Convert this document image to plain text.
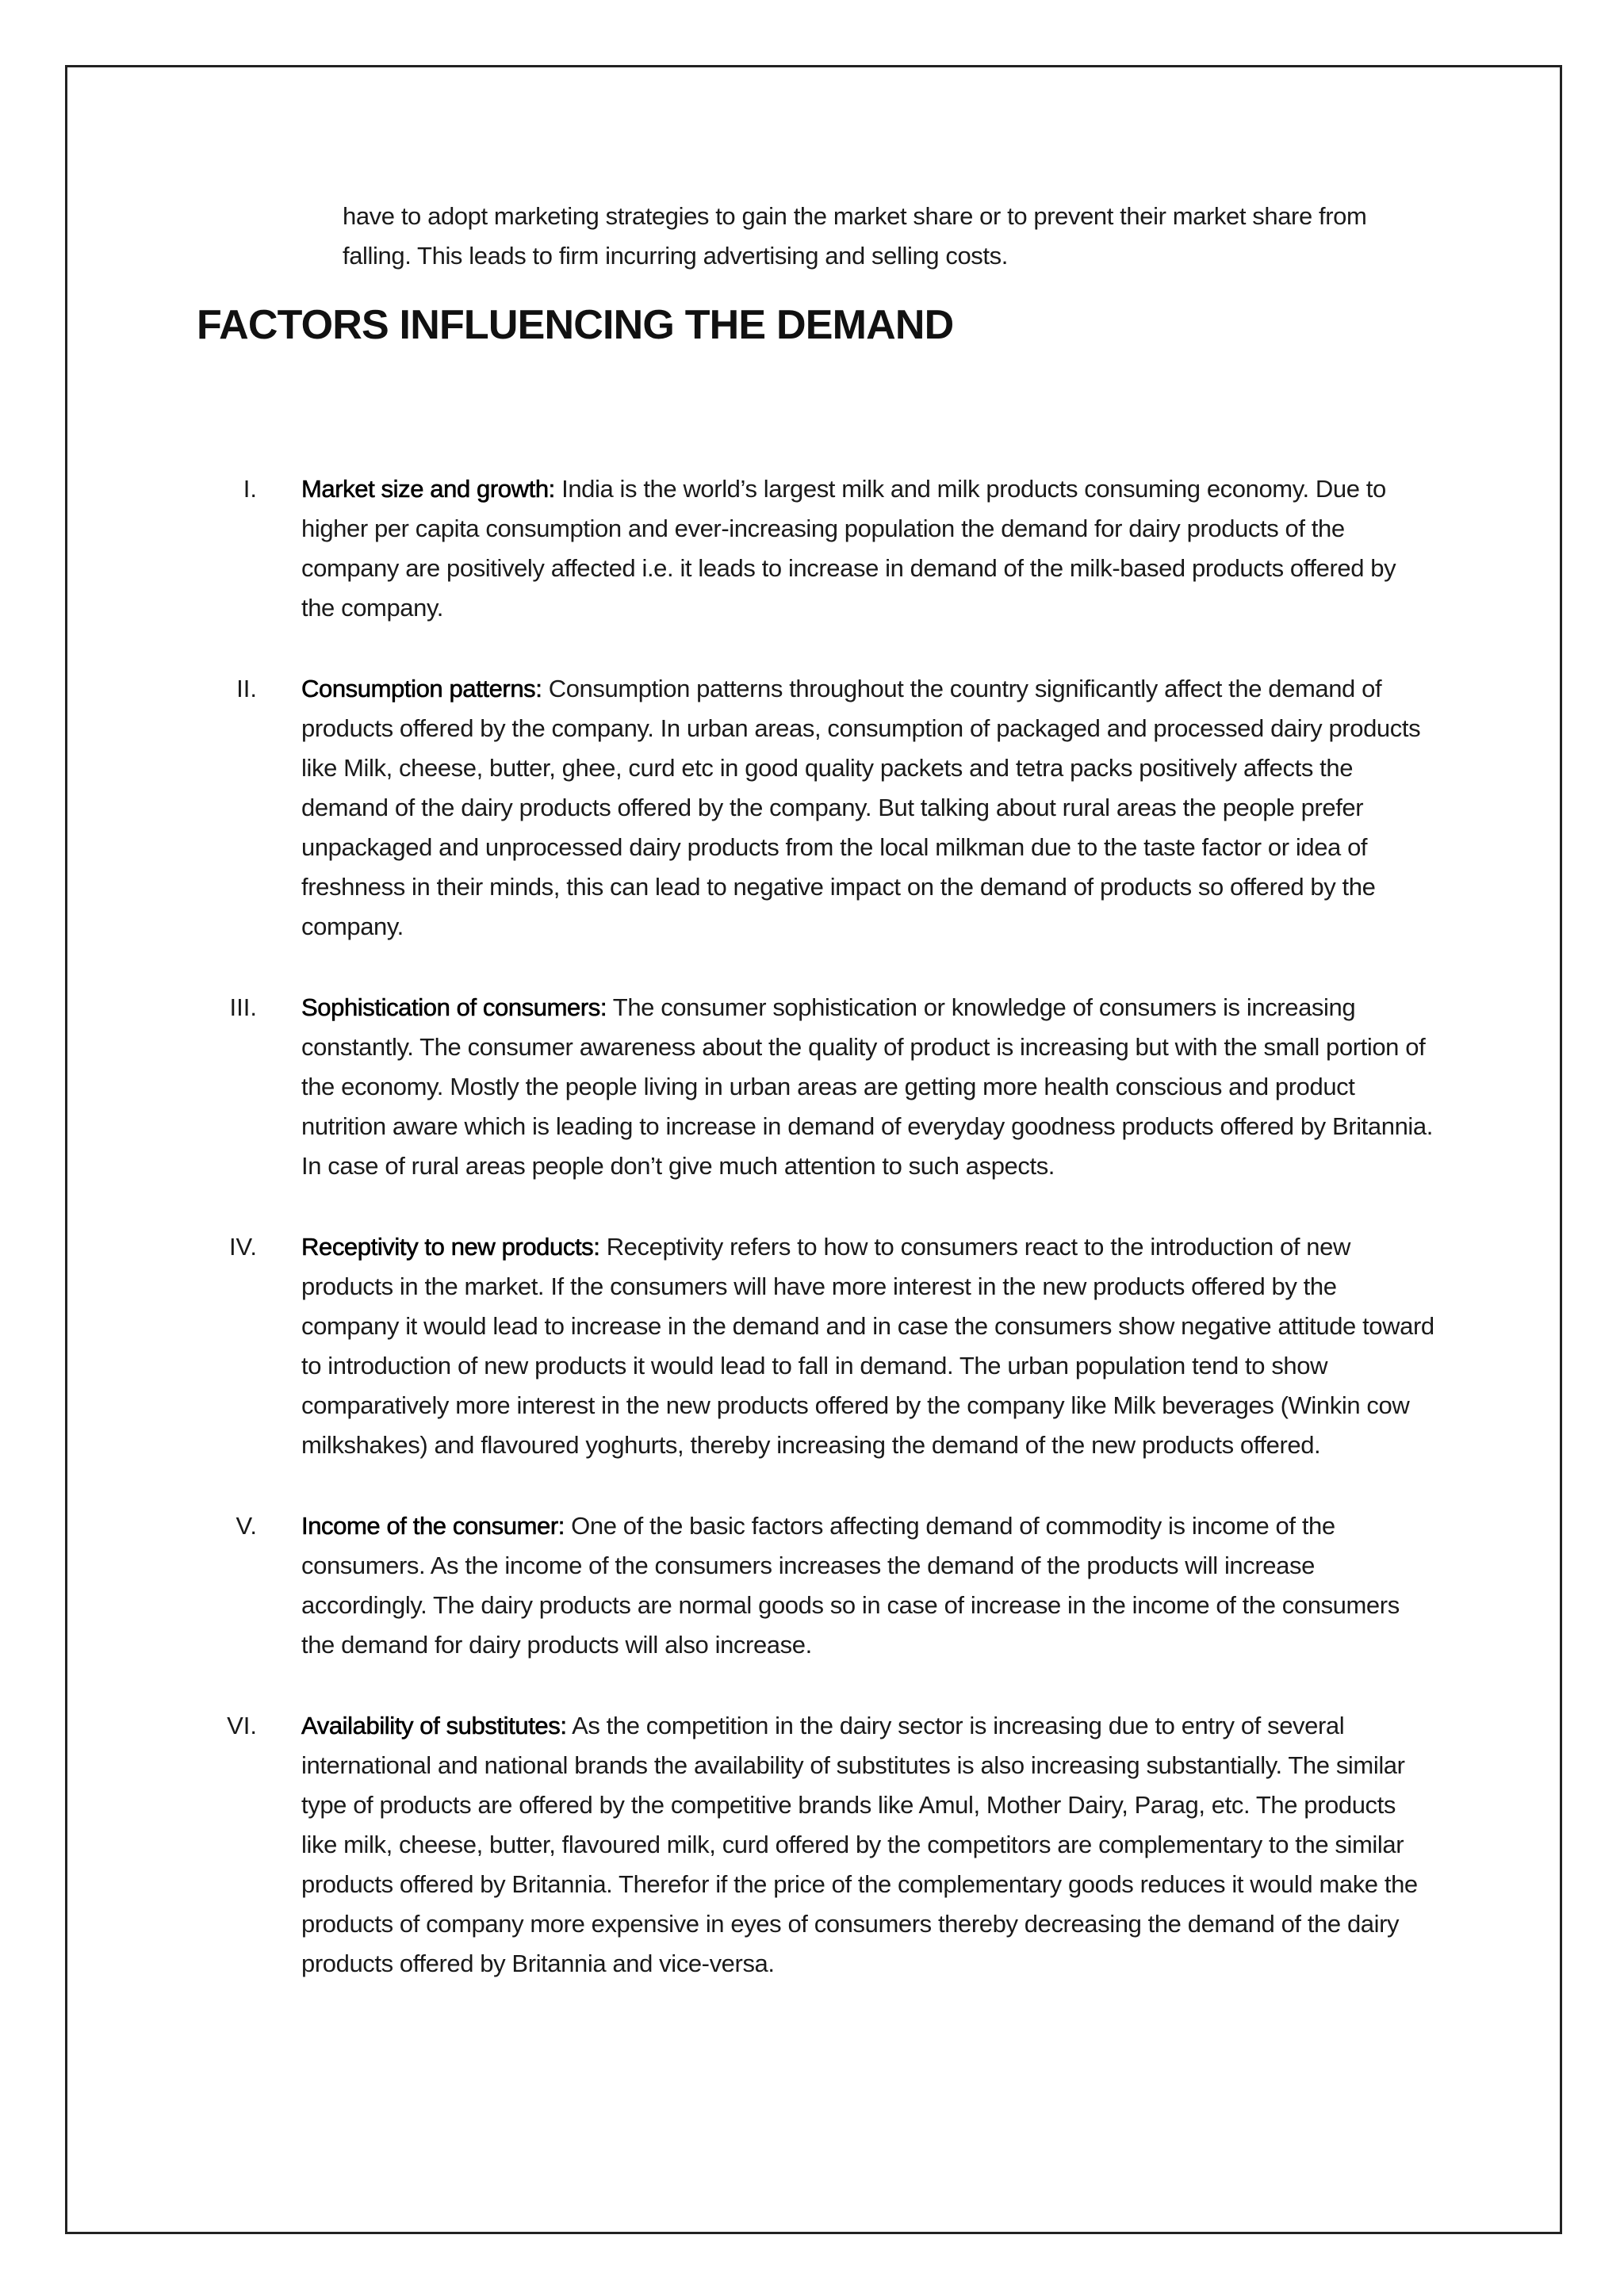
have to adopt marketing strategies to gain the market share or to prevent their market share from falling. This leads to firm incurring advertising and selling costs.

FACTORS INFLUENCING THE DEMAND
I.	Market size and growth: India is the world’s largest milk and milk products consuming economy. Due to higher per capita consumption and ever-increasing population the demand for dairy products of the company are positively affected i.e. it leads to increase in demand of the milk-based products offered by the company.

II.	Consumption patterns: Consumption patterns throughout the country significantly affect the demand of products offered by the company. In urban areas, consumption of packaged and processed dairy products like Milk, cheese, butter, ghee, curd etc in good quality packets and tetra packs positively affects the demand of the dairy products offered by the company. But talking about rural areas the people prefer unpackaged and unprocessed dairy products from the local milkman due to the taste factor or idea of freshness in their minds, this can lead to negative impact on the demand of products so offered by the company.

III.	Sophistication of consumers: The consumer sophistication or knowledge of consumers is increasing constantly. The consumer awareness about the quality of product is increasing but with the small portion of the economy. Mostly the people living in urban areas are getting more health conscious and product nutrition aware which is leading to increase in demand of everyday goodness products offered by Britannia. In case of rural areas people don’t give much attention to such aspects.

IV.	Receptivity to new products: Receptivity refers to how to consumers react to the introduction of new products in the market. If the consumers will have more interest in the new products offered by the company it would lead to increase in the demand and in case the consumers show negative attitude toward to introduction of new products it would lead to fall in demand. The urban population tend to show comparatively more interest in the new products offered by the company like Milk beverages (Winkin cow milkshakes) and flavoured yoghurts, thereby increasing the demand of the new products offered.

V.	Income of the consumer: One of the basic factors affecting demand of commodity is income of the consumers. As the income of the consumers increases the demand of the products will increase accordingly. The dairy products are normal goods so in case of increase in the income of the consumers the demand for dairy products will also increase.

VI.	Availability of substitutes: As the competition in the dairy sector is increasing due to entry of several international and national brands the availability of substitutes is also increasing substantially. The similar type of products are offered by the competitive brands like Amul, Mother Dairy, Parag, etc. The products like milk, cheese, butter, flavoured milk, curd offered by the competitors are complementary to the similar products offered by Britannia. Therefor if the price of the complementary goods reduces it would make the products of company more expensive in eyes of consumers thereby decreasing the demand of the dairy products offered by Britannia and vice-versa.
